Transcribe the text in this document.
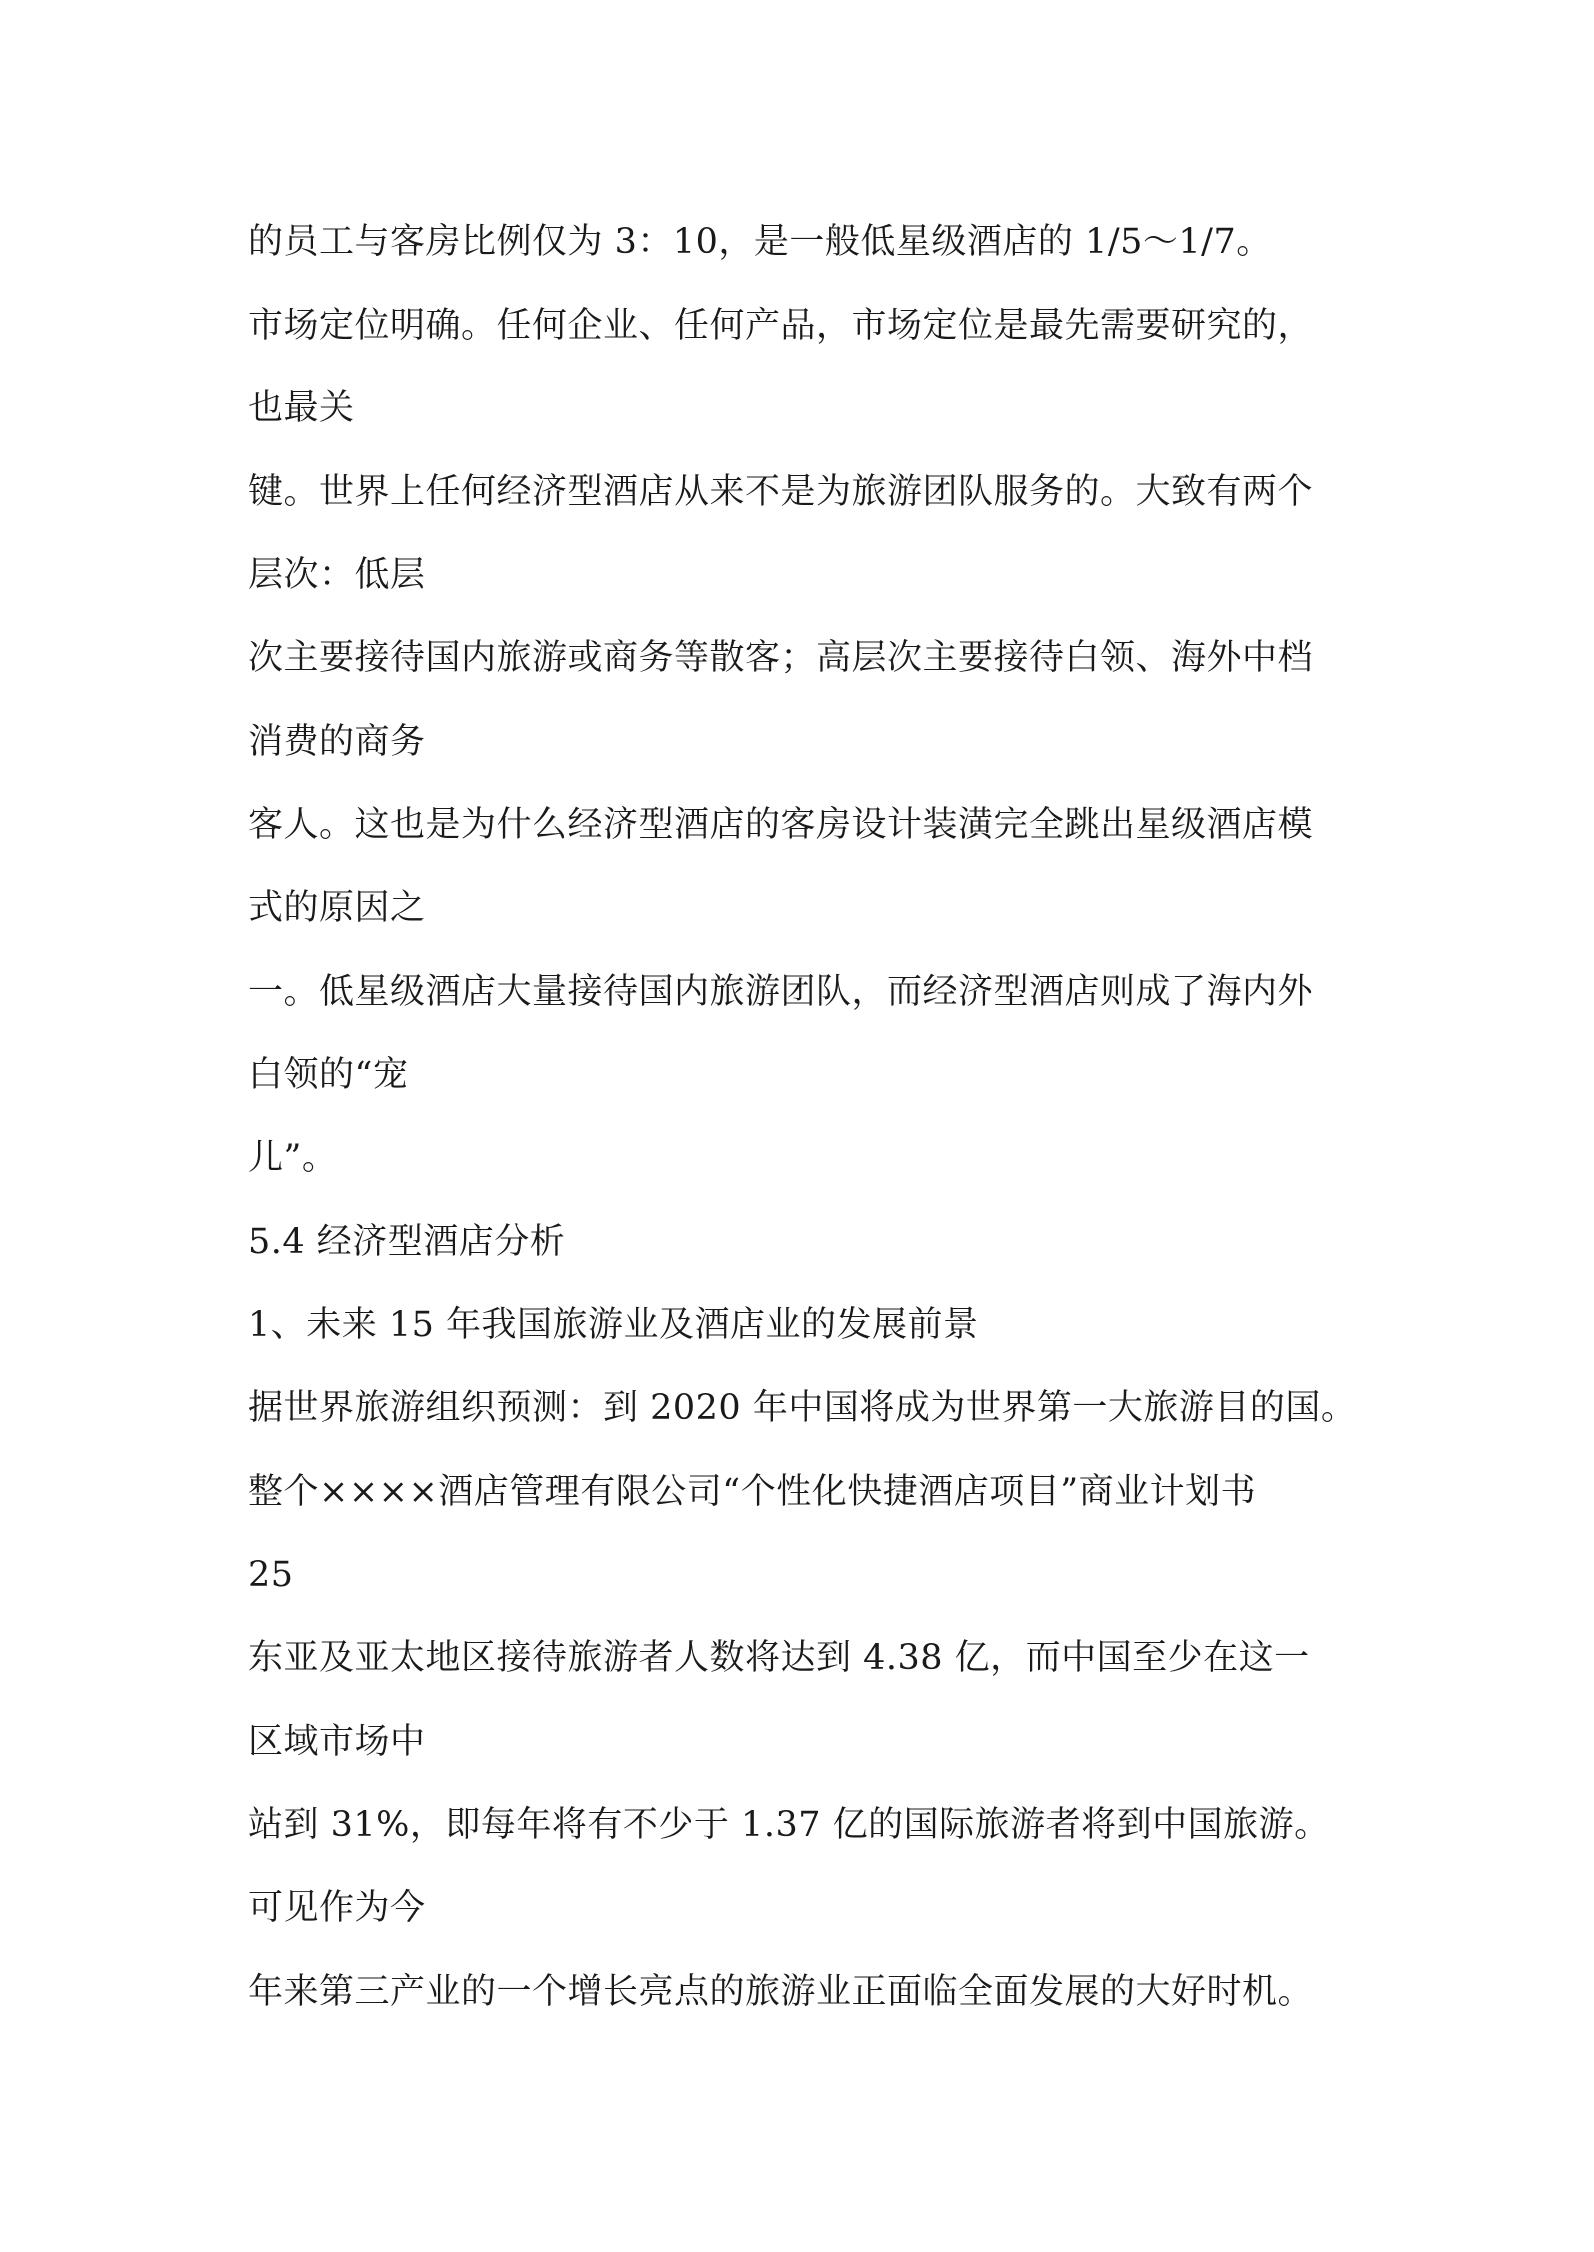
的员工与客房比例仅为 3：10，是一般低星级酒店的 1/5～1/7。
市场定位明确。任何企业、任何产品，市场定位是最先需要研究的，
也最关
键。世界上任何经济型酒店从来不是为旅游团队服务的。大致有两个
层次：低层
次主要接待国内旅游或商务等散客；高层次主要接待白领、海外中档
消费的商务
客人。这也是为什么经济型酒店的客房设计装潢完全跳出星级酒店模
式的原因之
一。低星级酒店大量接待国内旅游团队，而经济型酒店则成了海内外
白领的“宠
儿”。
5.4 经济型酒店分析
1、未来 15 年我国旅游业及酒店业的发展前景
据世界旅游组织预测：到 2020 年中国将成为世界第一大旅游目的国。
整个××××酒店管理有限公司“个性化快捷酒店项目”商业计划书
25
东亚及亚太地区接待旅游者人数将达到 4.38 亿，而中国至少在这一
区域市场中
站到 31%，即每年将有不少于 1.37 亿的国际旅游者将到中国旅游。
可见作为今
年来第三产业的一个增长亮点的旅游业正面临全面发展的大好时机。
